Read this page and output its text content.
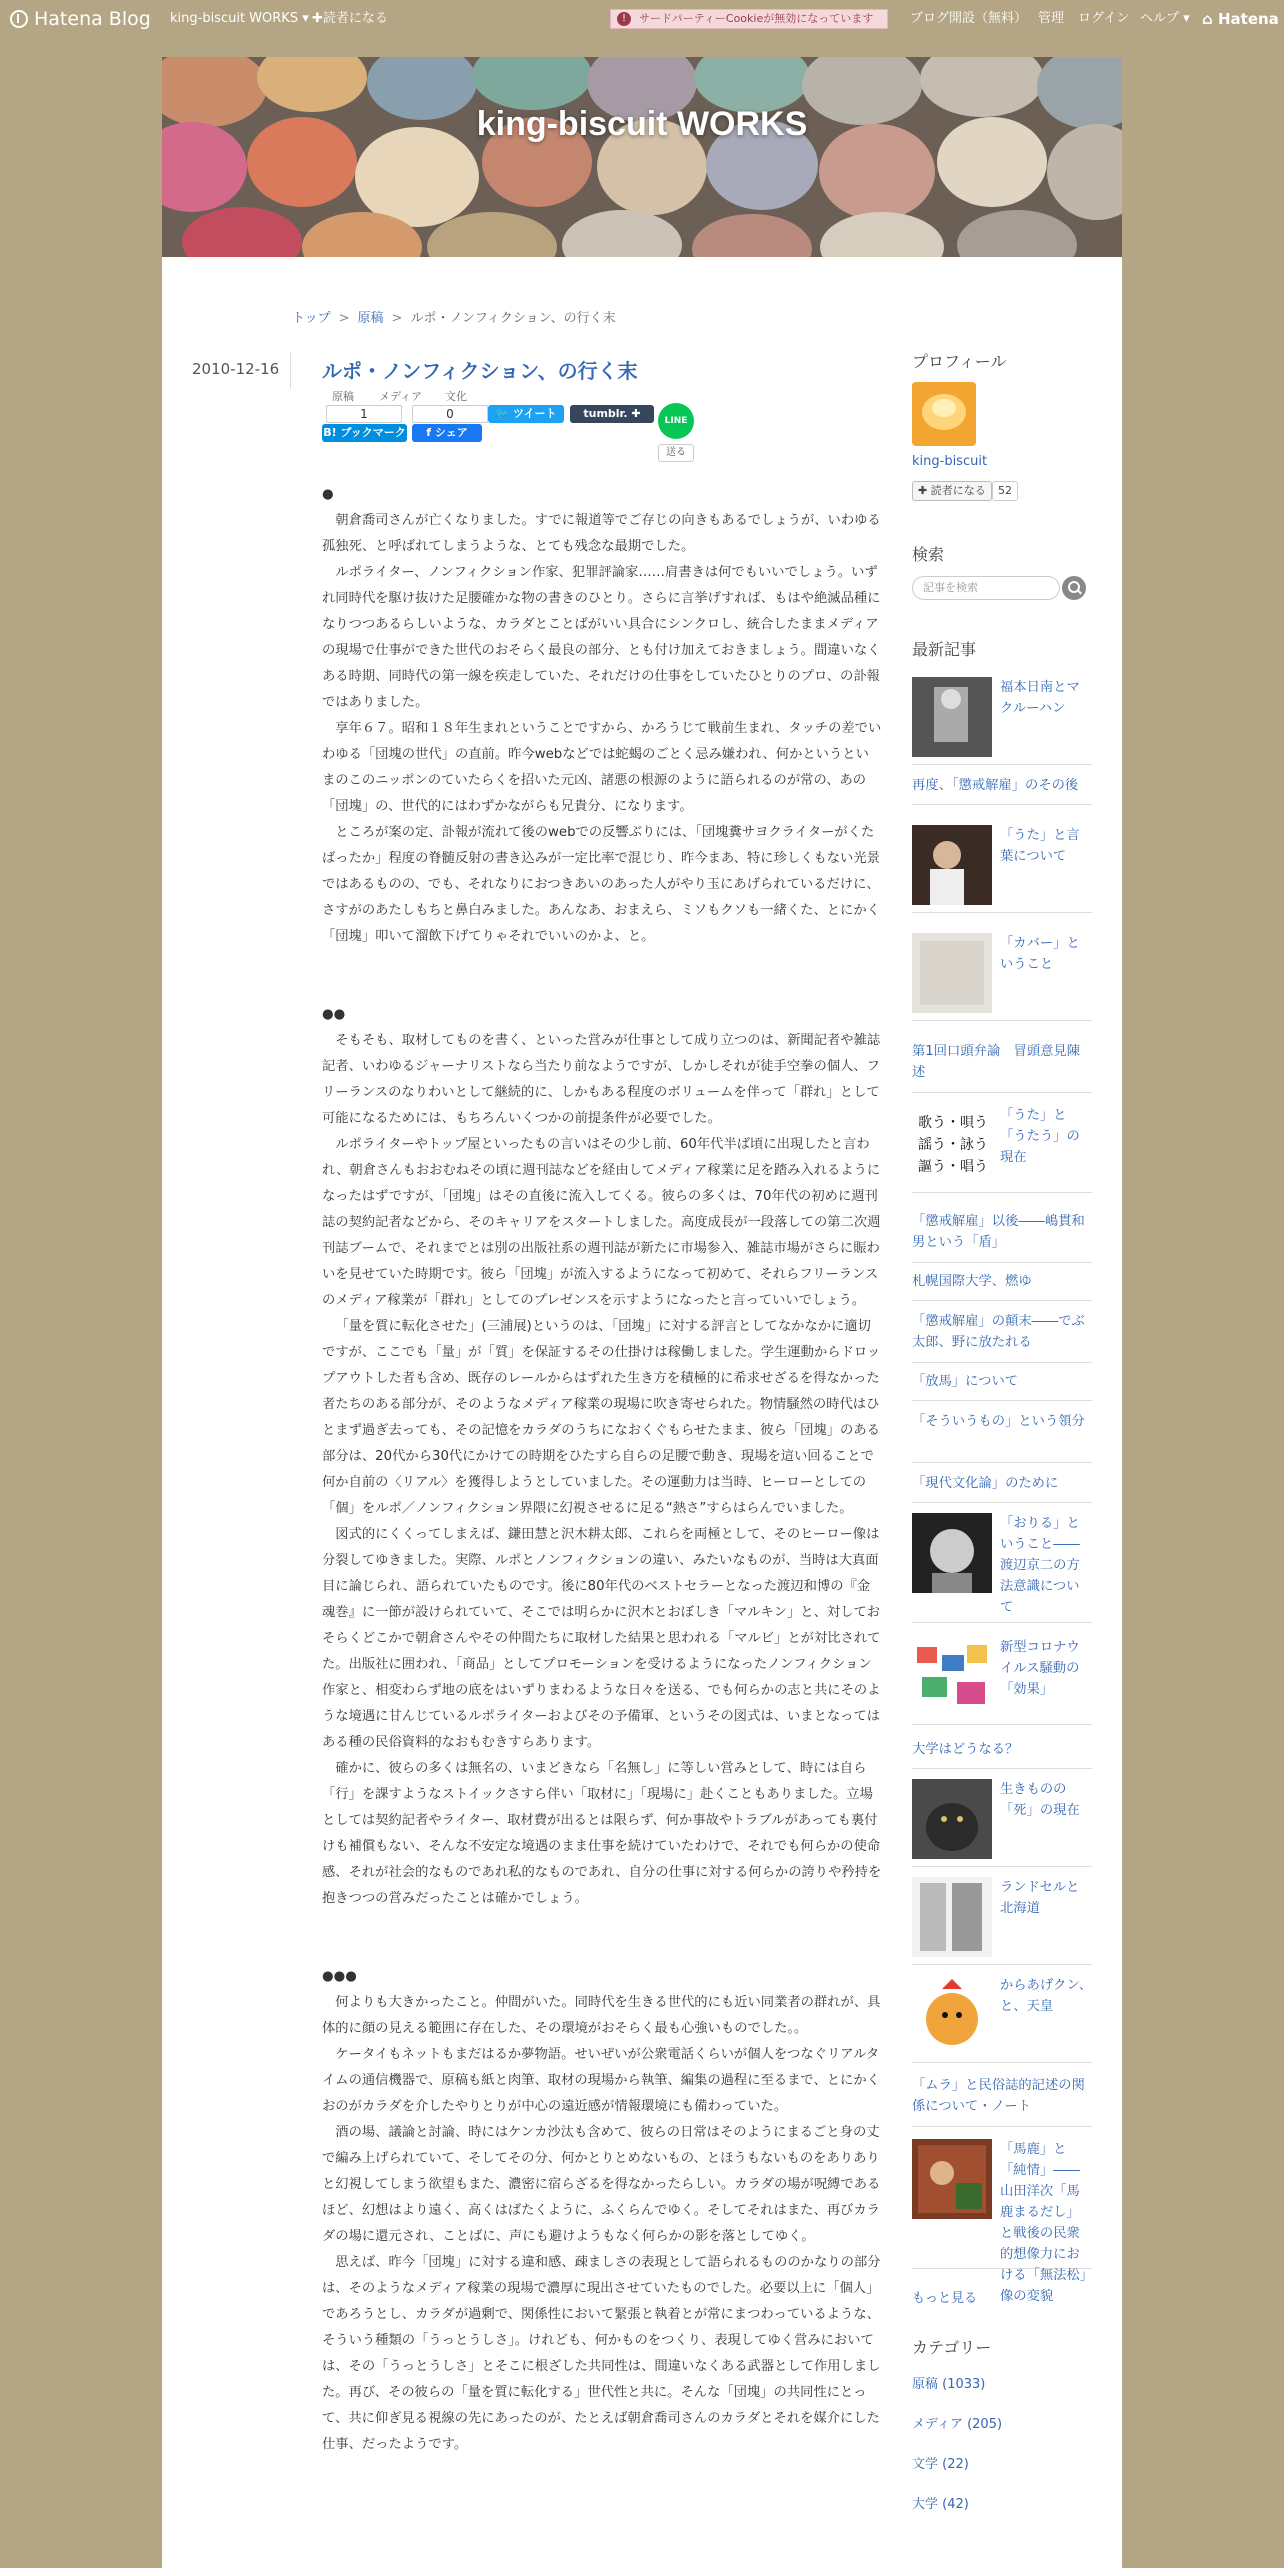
Hatena Blog king-biscuit WORKS ▾ ✚読者になる	!	サードパーティーCookieが無効になっています	ブログ開設（無料） 管理 ログイン ヘルプ ▾ ⌂ Hatena
king-biscuit WORKS
トップ > 原稿 > ルポ・ノンフィクション、の行く末
2010-12-16 ルポ・ノンフィクション、の行く末
原稿 メディア 文化
1	0
B! ブックマーク	f シェア
🐦 ツイート	tumblr. ✚
LINE
送る
●

朝倉喬司さんが亡くなりました。すでに報道等でご存じの向きもあるでしょうが、いわゆる孤独死、と呼ばれてしまうような、とても残念な最期でした。

ルポライター、ノンフィクション作家、犯罪評論家……肩書きは何でもいいでしょう。いずれ同時代を駆け抜けた足腰確かな物の書きのひとり。さらに言挙げすれば、もはや絶滅品種になりつつあるらしいような、カラダとことばがいい具合にシンクロし、統合したままメディアの現場で仕事ができた世代のおそらく最良の部分、とも付け加えておきましょう。間違いなくある時期、同時代の第一線を疾走していた、それだけの仕事をしていたひとりのプロ、の訃報ではありました。

享年６７。昭和１８年生まれということですから、かろうじて戦前生まれ、タッチの差でいわゆる「団塊の世代」の直前。昨今webなどでは蛇蝎のごとく忌み嫌われ、何かというといまのこのニッポンのていたらくを招いた元凶、諸悪の根源のように語られるのが常の、あの「団塊」の、世代的にはわずかながらも兄貴分、になります。

ところが案の定、訃報が流れて後のwebでの反響ぶりには、「団塊糞サヨクライターがくたばったか」程度の脊髄反射の書き込みが一定比率で混じり、昨今まあ、特に珍しくもない光景ではあるものの、でも、それなりにおつきあいのあった人がやり玉にあげられているだけに、さすがのあたしもちと鼻白みました。あんなあ、おまえら、ミソもクソも一緒くた、とにかく「団塊」叩いて溜飲下げてりゃそれでいいのかよ、と。

●●

そもそも、取材してものを書く、といった営みが仕事として成り立つのは、新聞記者や雑誌記者、いわゆるジャーナリストなら当たり前なようですが、しかしそれが徒手空拳の個人、フリーランスのなりわいとして継続的に、しかもある程度のボリュームを伴って「群れ」として可能になるためには、もちろんいくつかの前提条件が必要でした。

ルポライターやトップ屋といったもの言いはその少し前、60年代半ば頃に出現したと言われ、朝倉さんもおおむねその頃に週刊誌などを経由してメディア稼業に足を踏み入れるようになったはずですが、「団塊」はその直後に流入してくる。彼らの多くは、70年代の初めに週刊誌の契約記者などから、そのキャリアをスタートしました。高度成長が一段落しての第二次週刊誌ブームで、それまでとは別の出版社系の週刊誌が新たに市場参入、雑誌市場がさらに賑わいを見せていた時期です。彼ら「団塊」が流入するようになって初めて、それらフリーランスのメディア稼業が「群れ」としてのプレゼンスを示すようになったと言っていいでしょう。

「量を質に転化させた」(三浦展)というのは、「団塊」に対する評言としてなかなかに適切ですが、ここでも「量」が「質」を保証するその仕掛けは稼働しました。学生運動からドロップアウトした者も含め、既存のレールからはずれた生き方を積極的に希求せざるを得なかった者たちのある部分が、そのようなメディア稼業の現場に吹き寄せられた。物情騒然の時代はひとまず過ぎ去っても、その記憶をカラダのうちになおくぐもらせたまま、彼ら「団塊」のある部分は、20代から30代にかけての時期をひたすら自らの足腰で動き、現場を這い回ることで何か自前の〈リアル〉を獲得しようとしていました。その運動力は当時、ヒーローとしての「個」をルポ／ノンフィクション界隈に幻視させるに足る“熱さ”すらはらんでいました。

図式的にくくってしまえば、鎌田慧と沢木耕太郎、これらを両極として、そのヒーロー像は分裂してゆきました。実際、ルポとノンフィクションの違い、みたいなものが、当時は大真面目に論じられ、語られていたものです。後に80年代のベストセラーとなった渡辺和博の『金魂巻』に一節が設けられていて、そこでは明らかに沢木とおぼしき「マルキン」と、対しておそらくどこかで朝倉さんやその仲間たちに取材した結果と思われる「マルビ」とが対比されてた。出版社に囲われ、「商品」としてプロモーションを受けるようになったノンフィクション作家と、相変わらず地の底をはいずりまわるような日々を送る、でも何らかの志と共にそのような境遇に甘んじているルポライターおよびその予備軍、というその図式は、いまとなってはある種の民俗資料的なおもむきすらあります。

確かに、彼らの多くは無名の、いまどきなら「名無し」に等しい営みとして、時には自ら「行」を課すようなストイックさすら伴い「取材に」「現場に」赴くこともありました。立場としては契約記者やライター、取材費が出るとは限らず、何か事故やトラブルがあっても裏付けも補償もない、そんな不安定な境遇のまま仕事を続けていたわけで、それでも何らかの使命感、それが社会的なものであれ私的なものであれ、自分の仕事に対する何らかの誇りや矜持を抱きつつの営みだったことは確かでしょう。

●●●

何よりも大きかったこと。仲間がいた。同時代を生きる世代的にも近い同業者の群れが、具体的に顔の見える範囲に存在した、その環境がおそらく最も心強いものでした。。

ケータイもネットもまだはるか夢物語。せいぜいが公衆電話くらいが個人をつなぐリアルタイムの通信機器で、原稿も紙と肉筆、取材の現場から執筆、編集の過程に至るまで、とにかくおのがカラダを介したやりとりが中心の遠近感が情報環境にも備わっていた。

酒の場、議論と討論、時にはケンカ沙汰も含めて、彼らの日常はそのようにまるごと身の丈で編み上げられていて、そしてその分、何かとりとめないもの、とほうもないものをありありと幻視してしまう欲望もまた、濃密に宿らざるを得なかったらしい。カラダの場が呪縛であるほど、幻想はより遠く、高くはばたくように、ふくらんでゆく。そしてそれはまた、再びカラダの場に還元され、ことばに、声にも避けようもなく何らかの影を落としてゆく。

思えば、昨今「団塊」に対する違和感、疎ましさの表現として語られるもののかなりの部分は、そのようなメディア稼業の現場で濃厚に現出させていたものでした。必要以上に「個人」であろうとし、カラダが過剰で、関係性において緊張と執着とが常にまつわっているような、そういう種類の「うっとうしさ」。けれども、何かものをつくり、表現してゆく営みにおいては、その「うっとうしさ」とそこに根ざした共同性は、間違いなくある武器として作用しました。再び、その彼らの「量を質に転化する」世代性と共に。そんな「団塊」の共同性にとって、共に仰ぎ見る視線の先にあったのが、たとえば朝倉喬司さんのカラダとそれを媒介にした仕事、だったようです。

プロフィール
king-biscuit
✚ 読者になる	52
検索
記事を検索
最新記事
福本日南とマクルーハン
再度、「懲戒解雇」のその後
「うた」と言葉について
「カバー」ということ
第1回口頭弁論　冒頭意見陳述
歌う・唄う
謡う・詠う
謳う・唱う
「うた」と「うたう」の現在
「懲戒解雇」以後――嶋貫和男という「盾」
札幌国際大学、燃ゆ
「懲戒解雇」の顛末――でぶ太郎、野に放たれる
「放馬」について
「そういうもの」という領分
「現代文化論」のために
「おりる」ということ――渡辺京二の方法意識について
新型コロナウイルス騒動の「効果」
大学はどうなる？
生きものの「死」の現在
ランドセルと北海道
からあげクン、と、天皇
「ムラ」と民俗誌的記述の関係について・ノート
「馬鹿」と「純情」――山田洋次「馬鹿まるだし」と戦後の民衆的想像力における「無法松」像の変貌
もっと見る
カテゴリー
原稿 (1033)
メディア (205)
文学 (22)
大学 (42)
